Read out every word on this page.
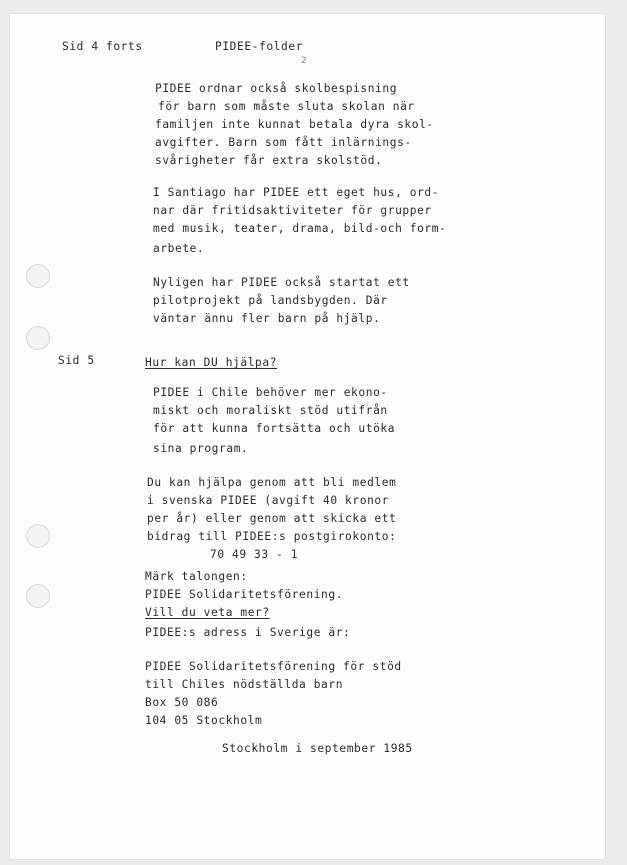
Sid 4 forts	PIDEE-folder
2
PIDEE ordnar också skolbespisning
för barn som måste sluta skolan när
familjen inte kunnat betala dyra skol-
avgifter. Barn som fått inlärnings-
svårigheter får extra skolstöd.
I Santiago har PIDEE ett eget hus, ord-
nar där fritidsaktiviteter för grupper
med musik, teater, drama, bild-och form-
arbete.
Nyligen har PIDEE också startat ett
pilotprojekt på landsbygden. Där
väntar ännu fler barn på hjälp.
Sid 5	Hur kan DU hjälpa?
PIDEE i Chile behöver mer ekono-
miskt och moraliskt stöd utifrån
för att kunna fortsätta och utöka
sina program.
Du kan hjälpa genom att bli medlem
i svenska PIDEE (avgift 40 kronor
per år) eller genom att skicka ett
bidrag till PIDEE:s postgirokonto:
70 49 33 - 1
Märk talongen:
PIDEE Solidaritetsförening.
Vill du veta mer?
PIDEE:s adress i Sverige är:
PIDEE Solidaritetsförening för stöd
till Chiles nödställda barn
Box 50 086
104 05 Stockholm
Stockholm i september 1985
